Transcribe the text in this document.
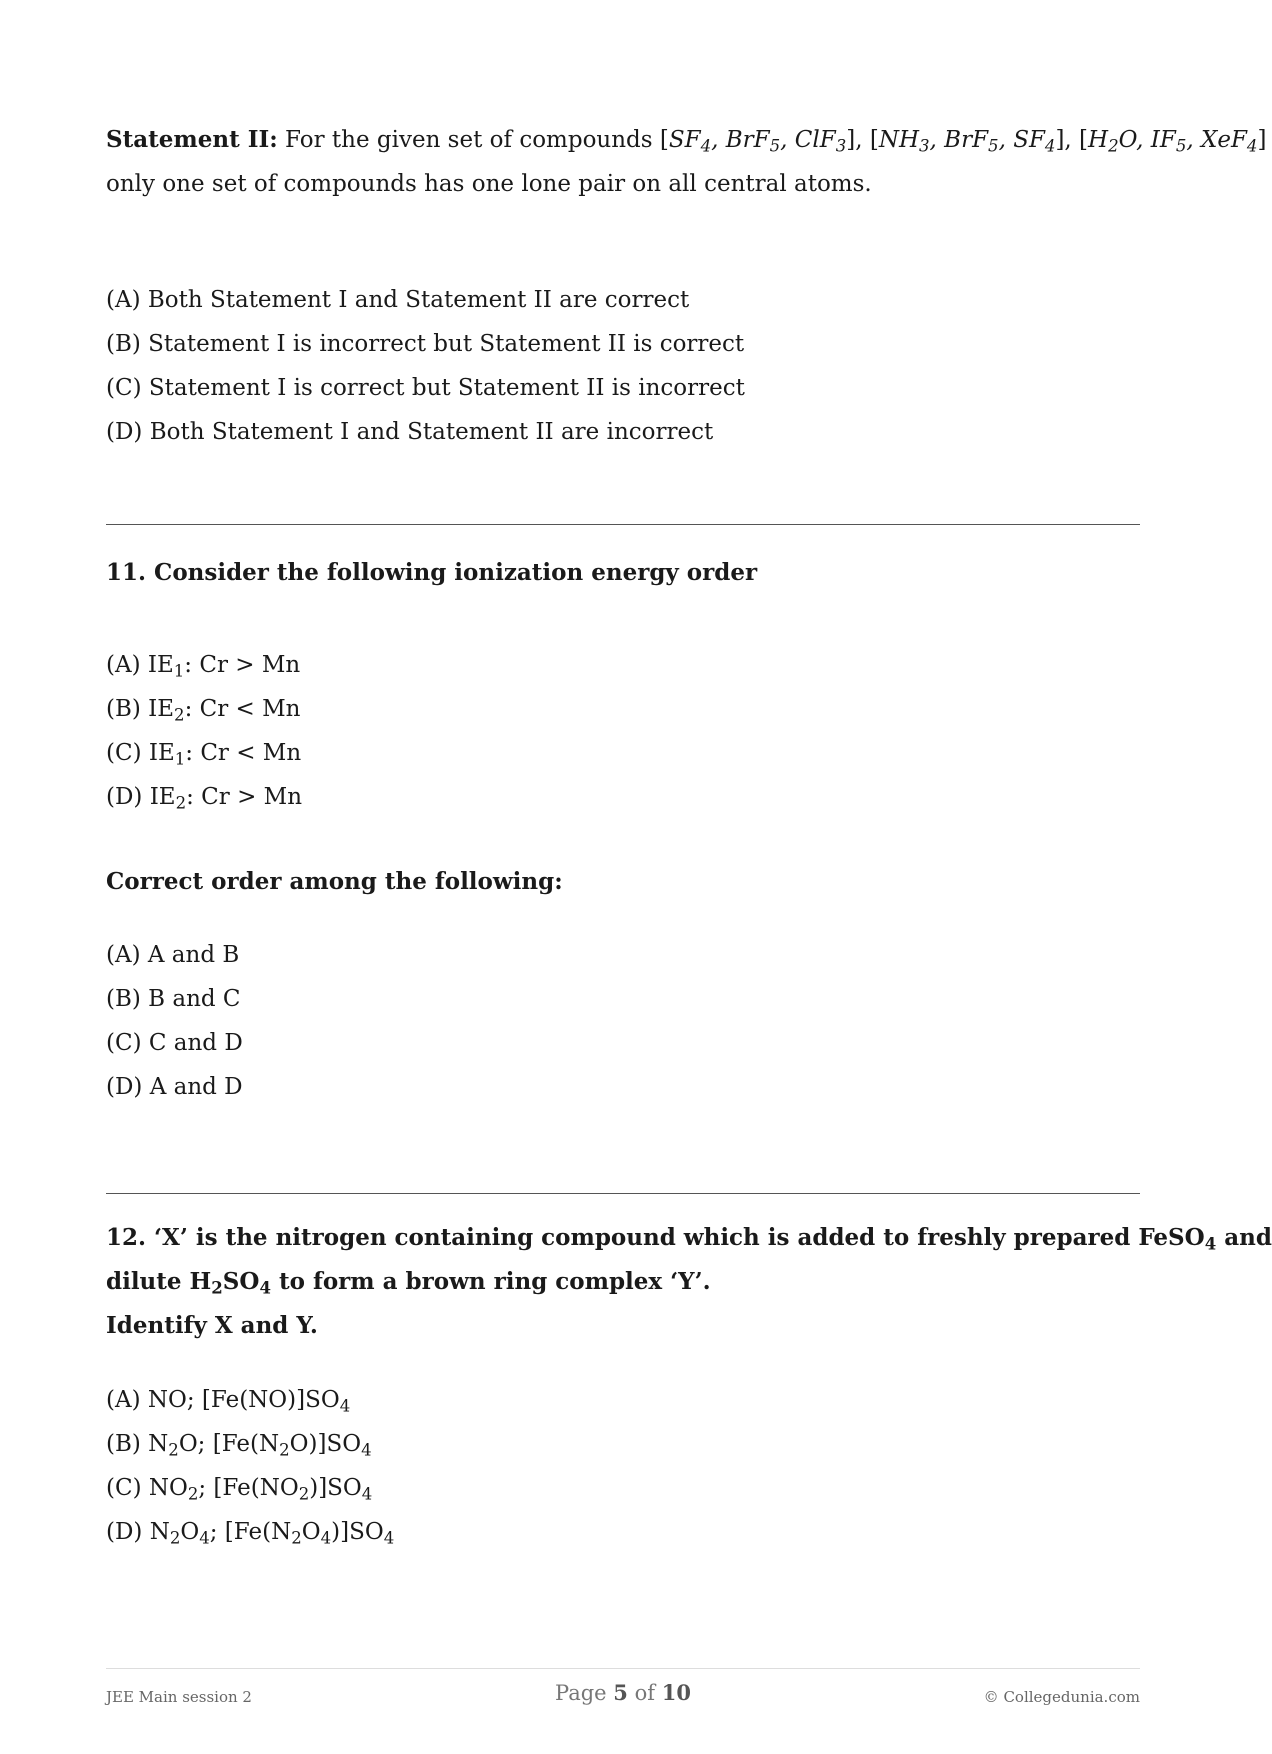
Statement II: For the given set of compounds [$SF_4$, BrF$_5$, ClF$_3$], [$NH_3$, BrF$_5$, $SF_4$], [$H_2O$, $IF_5$, XeF$_4$]
only one set of compounds has one lone pair on all central atoms.
(A) Both Statement I and Statement II are correct
(B) Statement I is incorrect but Statement II is correct
(C) Statement I is correct but Statement II is incorrect
(D) Both Statement I and Statement II are incorrect
11. Consider the following ionization energy order
(A) $IE_1$: Cr > Mn
(B) $IE_2$: Cr < Mn
(C) $IE_1$: Cr < Mn
(D) $IE_2$: Cr > Mn
Correct order among the following:
(A) A and B
(B) B and C
(C) C and D
(D) A and D
12. ‘X’ is the nitrogen containing compound which is added to freshly prepared FeSO$_4$ and
dilute $H_2SO_4$ to form a brown ring complex ‘Y’.
Identify X and Y.
(A) NO; $[Fe(NO)]SO_4$
(B) $N_2O$; $[Fe(N_2O)]SO_4$
(C) $NO_2$; $[Fe(NO_2)]SO_4$
(D) $N_2O_4$; $[Fe(N_2O_4)]SO_4$
JEE Main session 2	Page 5 of 10	© Collegedunia.com
